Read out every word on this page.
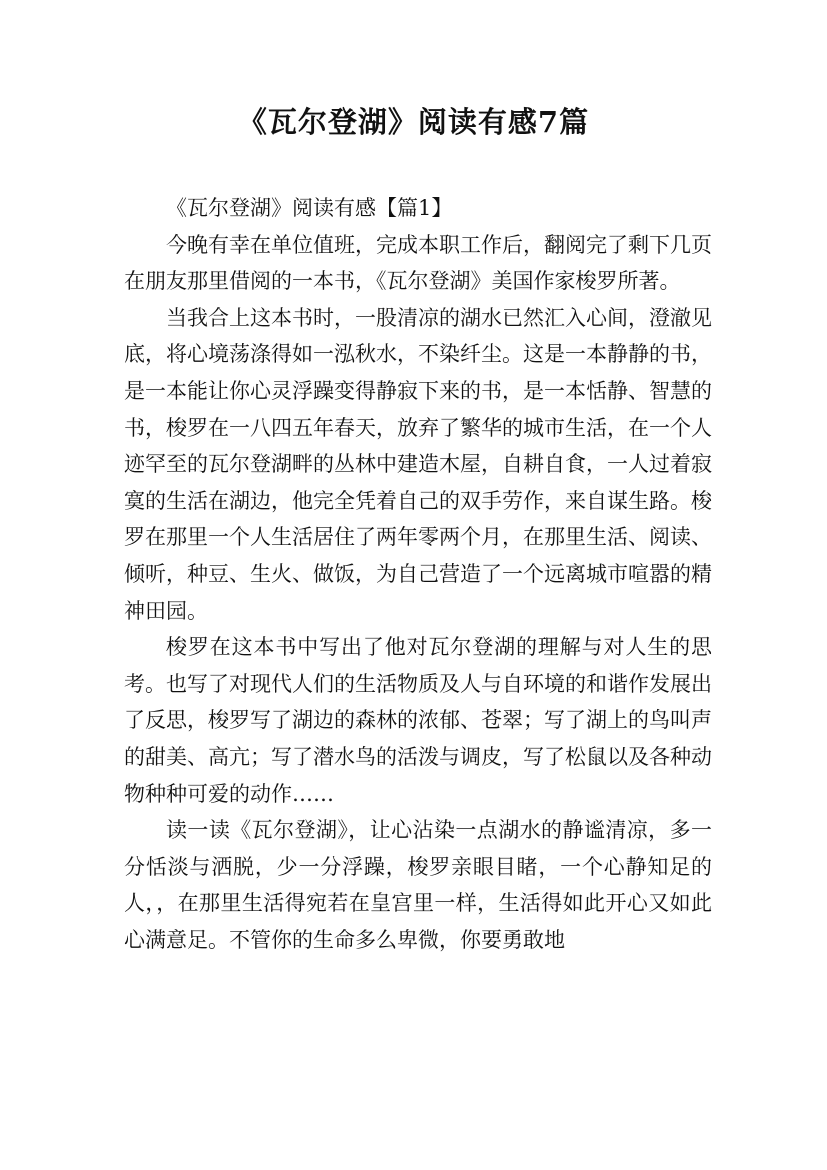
《瓦尔登湖》阅读有感7篇

《瓦尔登湖》阅读有感【篇1】

今晚有幸在单位值班，完成本职工作后，翻阅完了剩下几页在朋友那里借阅的一本书，《瓦尔登湖》美国作家梭罗所著。

当我合上这本书时，一股清凉的湖水已然汇入心间，澄澈见底，将心境荡涤得如一泓秋水，不染纤尘。这是一本静静的书，是一本能让你心灵浮躁变得静寂下来的书，是一本恬静、智慧的书，梭罗在一八四五年春天，放弃了繁华的城市生活，在一个人迹罕至的瓦尔登湖畔的丛林中建造木屋，自耕自食，一人过着寂寞的生活在湖边，他完全凭着自己的双手劳作，来自谋生路。梭罗在那里一个人生活居住了两年零两个月，在那里生活、阅读、倾听，种豆、生火、做饭，为自己营造了一个远离城市喧嚣的精神田园。

梭罗在这本书中写出了他对瓦尔登湖的理解与对人生的思考。也写了对现代人们的生活物质及人与自环境的和谐作发展出了反思，梭罗写了湖边的森林的浓郁、苍翠；写了湖上的鸟叫声的甜美、高亢；写了潜水鸟的活泼与调皮，写了松鼠以及各种动物种种可爱的动作……

读一读《瓦尔登湖》，让心沾染一点湖水的静谧清凉，多一分恬淡与洒脱，少一分浮躁，梭罗亲眼目睹，一个心静知足的人，，在那里生活得宛若在皇宫里一样，生活得如此开心又如此心满意足。不管你的生命多么卑微，你要勇敢地
